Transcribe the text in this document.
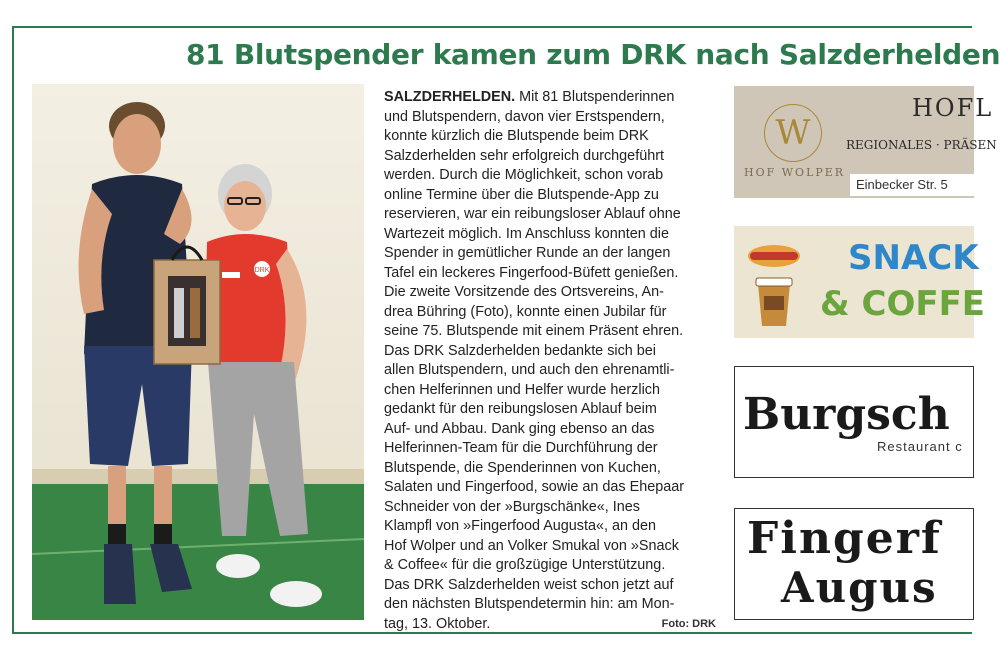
81 Blutspender kamen zum DRK nach Salzderhelden
DRK

SALZDERHELDEN. Mit 81 Blutspenderinnen

und Blutspendern, davon vier Erstspendern,

konnte kürzlich die Blutspende beim DRK

Salzderhelden sehr erfolgreich durchgeführt

werden. Durch die Möglichkeit, schon vorab

online Termine über die Blutspende-App zu

reservieren, war ein reibungsloser Ablauf ohne

Wartezeit möglich. Im Anschluss konnten die

Spender in gemütlicher Runde an der langen

Tafel ein leckeres Fingerfood-Büfett genießen.

Die zweite Vorsitzende des Ortsvereins, An-

drea Bühring (Foto), konnte einen Jubilar für

seine 75. Blutspende mit einem Präsent ehren.

Das DRK Salzderhelden bedankte sich bei

allen Blutspendern, und auch den ehrenamtli-

chen Helferinnen und Helfer wurde herzlich

gedankt für den reibungslosen Ablauf beim

Auf- und Abbau. Dank ging ebenso an das

Helferinnen-Team für die Durchführung der

Blutspende, die Spenderinnen von Kuchen,

Salaten und Fingerfood, sowie an das Ehepaar

Schneider von der »Burgschänke«, Ines

Klampfl von »Fingerfood Augusta«, an den

Hof Wolper und an Volker Smukal von »Snack

& Coffee« für die großzügige Unterstützung.

Das DRK Salzderhelden weist schon jetzt auf

den nächsten Blutspendetermin hin: am Mon-

tag, 13. Oktober.	Foto: DRK

W
HOF WOLPER
HOFL
REGIONALES · PRÄSEN
Einbecker Str. 5
SNACK
& COFFE
Burgsch
Restaurant c
Fingerf
Augus
